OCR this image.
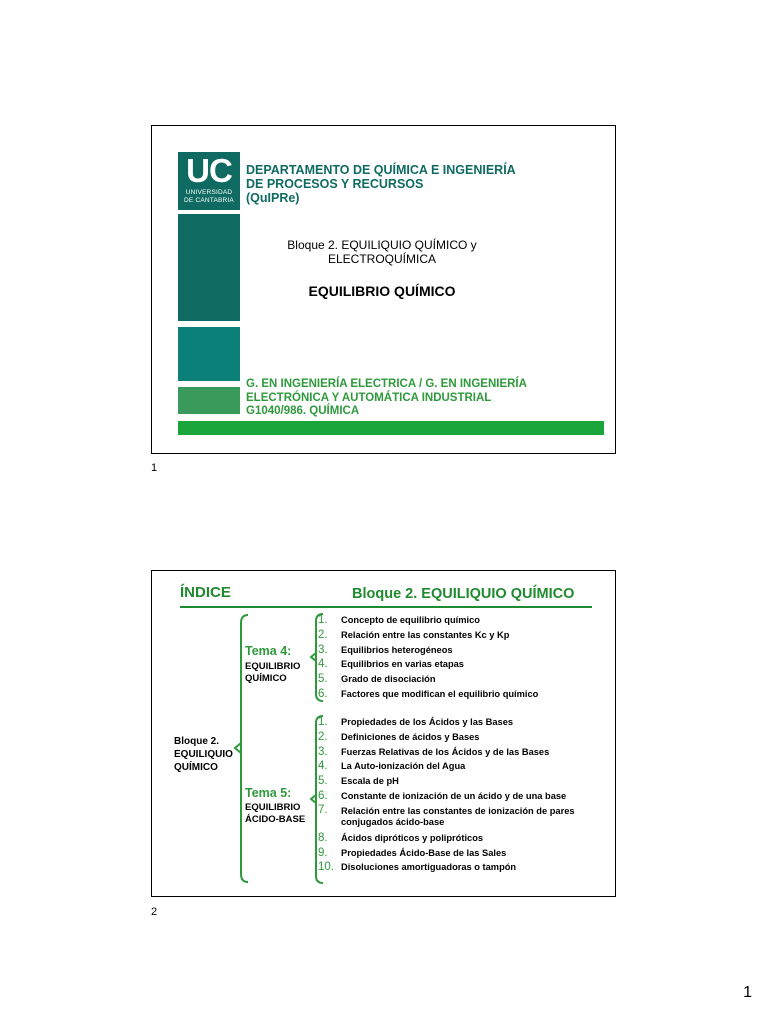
UC
UNIVERSIDAD
DE CANTABRIA
DEPARTAMENTO DE QUÍMICA E INGENIERÍA
DE PROCESOS Y RECURSOS
(QuIPRe)
Bloque 2. EQUILIQUIO QUÍMICO y
ELECTROQUÍMICA
EQUILIBRIO QUÍMICO
G. EN INGENIERÍA ELECTRICA / G. EN INGENIERÍA
ELECTRÓNICA Y AUTOMÁTICA INDUSTRIAL
G1040/986. QUÍMICA
1
ÍNDICE	Bloque 2. EQUILIQUIO QUÍMICO
Bloque 2.
EQUILIQUIO
QUÍMICO
Tema 4:
EQUILIBRIO
QUÍMICO
1. Concepto de equilibrio químico
2. Relación entre las constantes Kc y Kp
3. Equilibrios heterogéneos
4. Equilibrios en varias etapas
5. Grado de disociación
6. Factores que modifican el equilibrio químico
Tema 5:
EQUILIBRIO
ÁCIDO-BASE
1. Propiedades de los Ácidos y las Bases
2. Definiciones de ácidos y Bases
3. Fuerzas Relativas de los Ácidos y de las Bases
4. La Auto-ionización del Agua
5. Escala de pH
6. Constante de ionización de un ácido y de una base
7. Relación entre las constantes de ionización de pares conjugados ácido-base
8. Ácidos dipróticos y polipróticos
9. Propiedades Ácido-Base de las Sales
10. Disoluciones amortiguadoras o tampón
2
1
